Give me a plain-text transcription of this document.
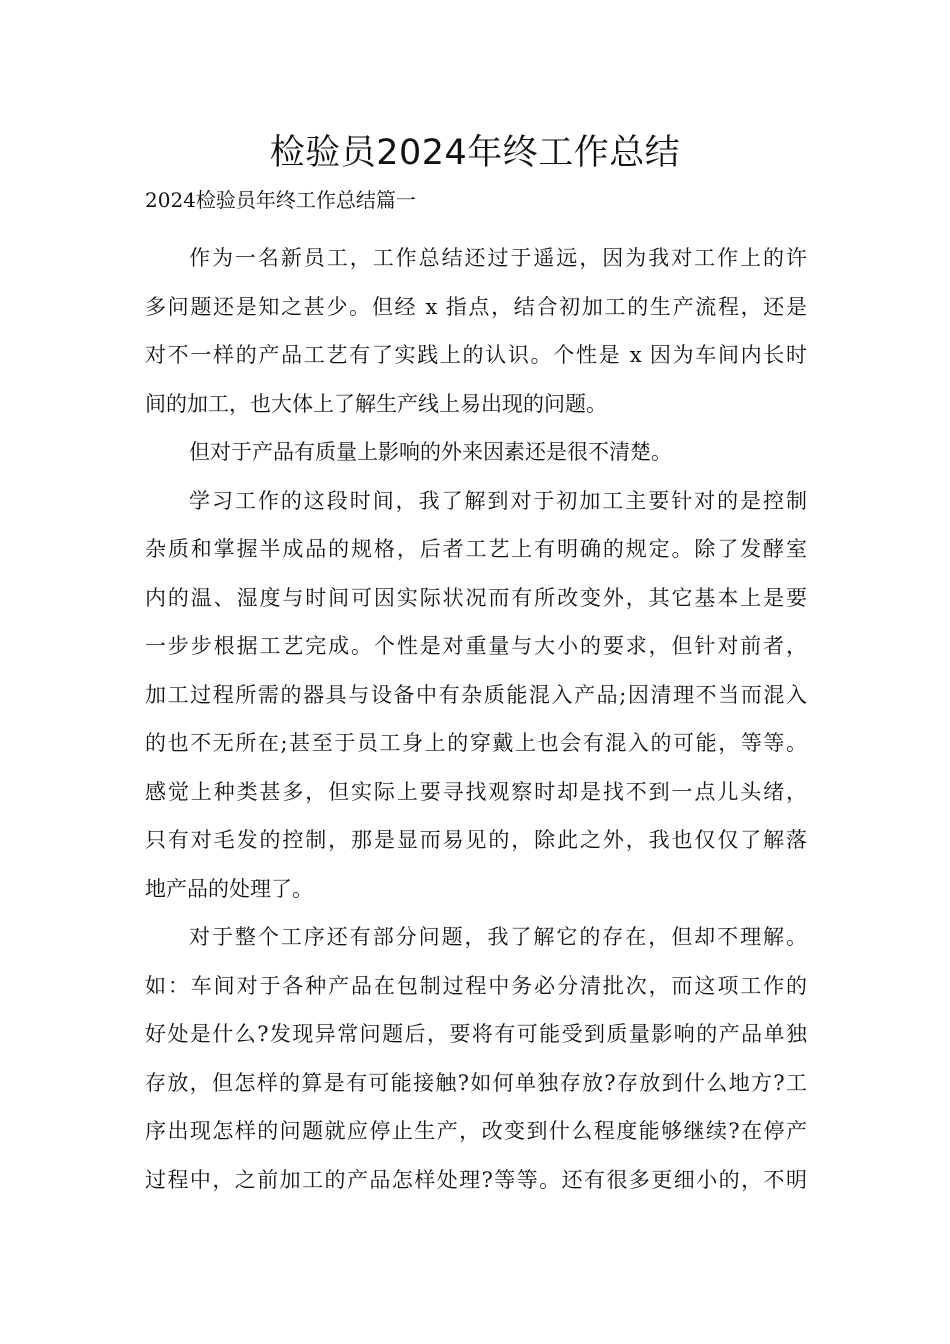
检验员2024年终工作总结

2024检验员年终工作总结篇一

作为一名新员工，工作总结还过于遥远，因为我对工作上的许
多问题还是知之甚少。但经 x 指点，结合初加工的生产流程，还是
对不一样的产品工艺有了实践上的认识。个性是 x 因为车间内长时
间的加工，也大体上了解生产线上易出现的问题。
但对于产品有质量上影响的外来因素还是很不清楚。
学习工作的这段时间，我了解到对于初加工主要针对的是控制
杂质和掌握半成品的规格，后者工艺上有明确的规定。除了发酵室
内的温、湿度与时间可因实际状况而有所改变外，其它基本上是要
一步步根据工艺完成。个性是对重量与大小的要求，但针对前者，
加工过程所需的器具与设备中有杂质能混入产品;因清理不当而混入
的也不无所在;甚至于员工身上的穿戴上也会有混入的可能，等等。
感觉上种类甚多，但实际上要寻找观察时却是找不到一点儿头绪，
只有对毛发的控制，那是显而易见的，除此之外，我也仅仅了解落
地产品的处理了。
对于整个工序还有部分问题，我了解它的存在，但却不理解。
如：车间对于各种产品在包制过程中务必分清批次，而这项工作的
好处是什么?发现异常问题后，要将有可能受到质量影响的产品单独
存放，但怎样的算是有可能接触?如何单独存放?存放到什么地方?工
序出现怎样的问题就应停止生产，改变到什么程度能够继续?在停产
过程中，之前加工的产品怎样处理?等等。还有很多更细小的，不明
